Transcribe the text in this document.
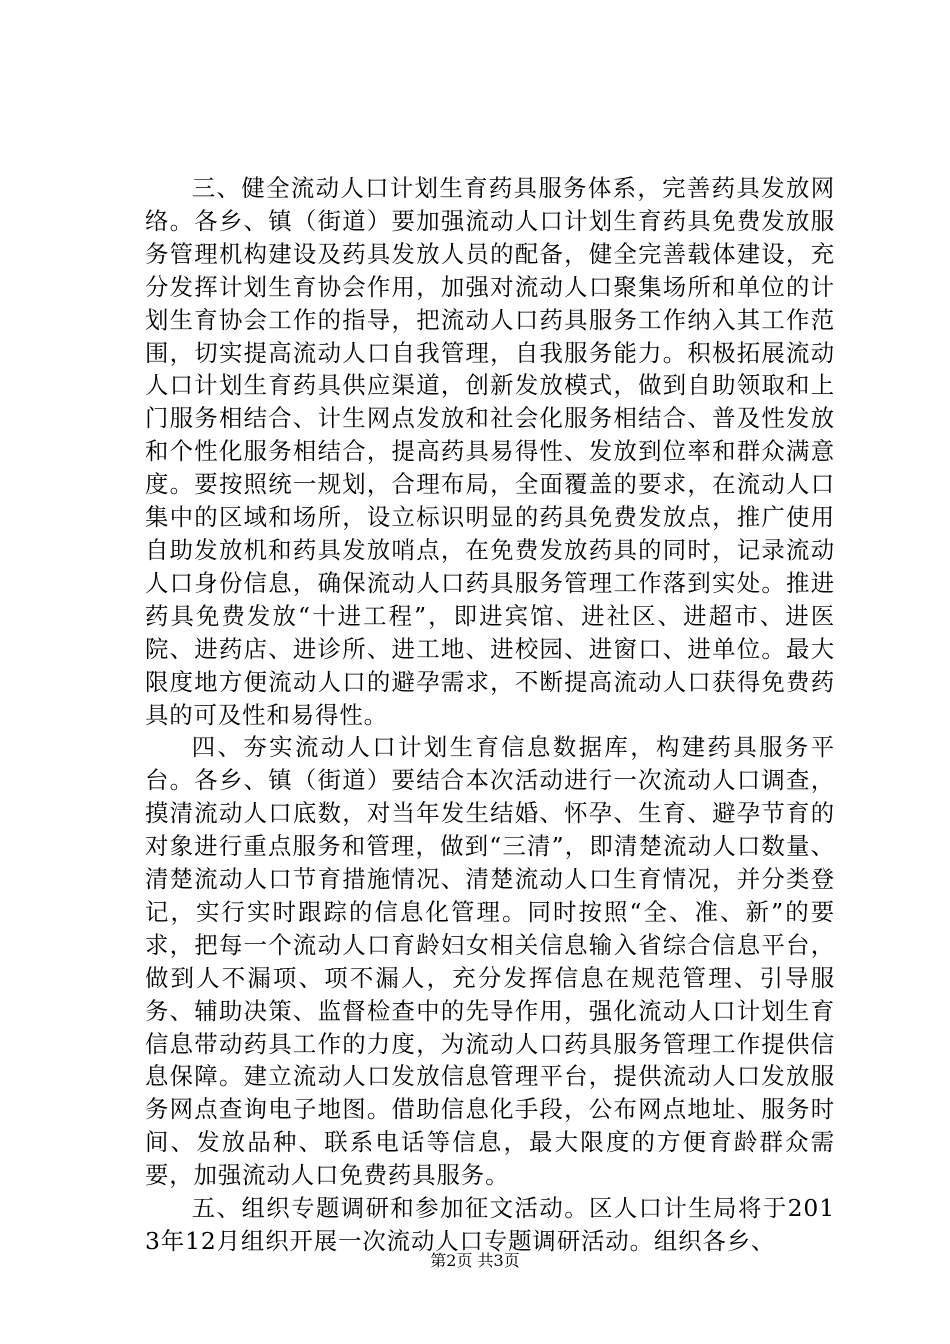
三、健全流动人口计划生育药具服务体系，完善药具发放网络。各乡、镇（街道）要加强流动人口计划生育药具免费发放服务管理机构建设及药具发放人员的配备，健全完善载体建设，充分发挥计划生育协会作用，加强对流动人口聚集场所和单位的计划生育协会工作的指导，把流动人口药具服务工作纳入其工作范围，切实提高流动人口自我管理，自我服务能力。积极拓展流动人口计划生育药具供应渠道，创新发放模式，做到自助领取和上门服务相结合、计生网点发放和社会化服务相结合、普及性发放和个性化服务相结合，提高药具易得性、发放到位率和群众满意度。要按照统一规划，合理布局，全面覆盖的要求，在流动人口集中的区域和场所，设立标识明显的药具免费发放点，推广使用自助发放机和药具发放哨点，在免费发放药具的同时，记录流动人口身份信息，确保流动人口药具服务管理工作落到实处。推进药具免费发放“十进工程”，即进宾馆、进社区、进超市、进医院、进药店、进诊所、进工地、进校园、进窗口、进单位。最大限度地方便流动人口的避孕需求，不断提高流动人口获得免费药具的可及性和易得性。

四、夯实流动人口计划生育信息数据库，构建药具服务平台。各乡、镇（街道）要结合本次活动进行一次流动人口调查，摸清流动人口底数，对当年发生结婚、怀孕、生育、避孕节育的对象进行重点服务和管理，做到“三清”，即清楚流动人口数量、清楚流动人口节育措施情况、清楚流动人口生育情况，并分类登记，实行实时跟踪的信息化管理。同时按照“全、准、新”的要求，把每一个流动人口育龄妇女相关信息输入省综合信息平台，做到人不漏项、项不漏人，充分发挥信息在规范管理、引导服务、辅助决策、监督检查中的先导作用，强化流动人口计划生育信息带动药具工作的力度，为流动人口药具服务管理工作提供信息保障。建立流动人口发放信息管理平台，提供流动人口发放服务网点查询电子地图。借助信息化手段，公布网点地址、服务时间、发放品种、联系电话等信息，最大限度的方便育龄群众需要，加强流动人口免费药具服务。

五、组织专题调研和参加征文活动。区人口计生局将于2013年12月组织开展一次流动人口专题调研活动。组织各乡、

第2页 共3页
